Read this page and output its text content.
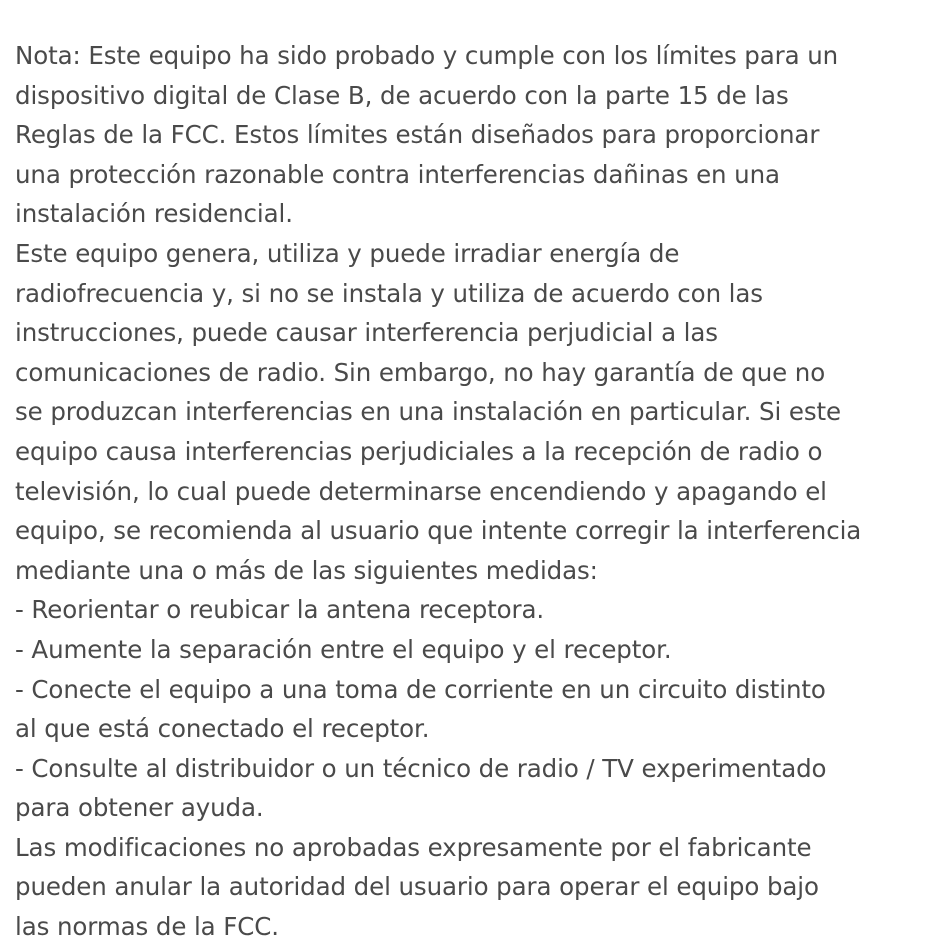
Nota: Este equipo ha sido probado y cumple con los límites para un
dispositivo digital de Clase B, de acuerdo con la parte 15 de las
Reglas de la FCC. Estos límites están diseñados para proporcionar
una protección razonable contra interferencias dañinas en una
instalación residencial.
Este equipo genera, utiliza y puede irradiar energía de
radiofrecuencia y, si no se instala y utiliza de acuerdo con las
instrucciones, puede causar interferencia perjudicial a las
comunicaciones de radio. Sin embargo, no hay garantía de que no
se produzcan interferencias en una instalación en particular. Si este
equipo causa interferencias perjudiciales a la recepción de radio o
televisión, lo cual puede determinarse encendiendo y apagando el
equipo, se recomienda al usuario que intente corregir la interferencia
mediante una o más de las siguientes medidas:
- Reorientar o reubicar la antena receptora.
- Aumente la separación entre el equipo y el receptor.
- Conecte el equipo a una toma de corriente en un circuito distinto
al que está conectado el receptor.
- Consulte al distribuidor o un técnico de radio / TV experimentado
para obtener ayuda.
Las modificaciones no aprobadas expresamente por el fabricante
pueden anular la autoridad del usuario para operar el equipo bajo
las normas de la FCC.
